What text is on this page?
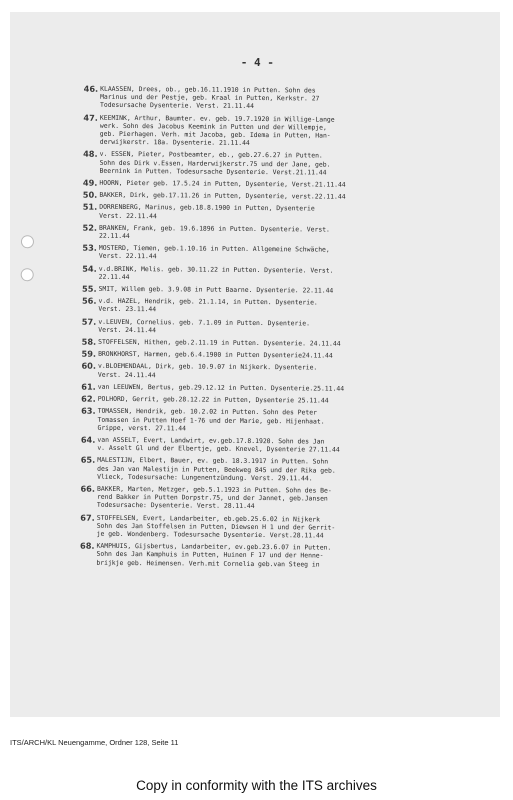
- 4 -
46. KLAASSEN, Drees, ob., geb.16.11.1910 in Putten. Sohn des
Marinus und der Pestje, geb. Kraal in Putten, Kerkstr. 27
Todesursache Dysenterie. Verst. 21.11.44
47. KEEMINK, Arthur, Baumter. ev. geb. 19.7.1920 in Willige-Lange
werk. Sohn des Jacobus Keemink in Putten und der Willempje,
geb. Pierhagen. Verh. mit Jacoba, geb. Idema in Putten, Han-
derwijkerstr. 18a. Dysenterie. 21.11.44
48. v. ESSEN, Pieter, Postbeamter, eb., geb.27.6.27 in Putten.
Sohn des Dirk v.Essen, Harderwijkerstr.75 und der Jane, geb.
Beernink in Putten. Todesursache Dysenterie. Verst.21.11.44
49. HOORN, Pieter geb. 17.5.24 in Putten, Dysenterie, Verst.21.11.44
50. BAKKER, Dirk, geb.17.11.26 in Putten, Dysenterie, verst.22.11.44
51. DORRENBERG, Marinus, geb.18.8.1900 in Putten, Dysenterie
Verst. 22.11.44
52. BRANKEN, Frank, geb. 19.6.1896 in Putten. Dysenterie. Verst.
22.11.44
53. MOSTERD, Tiemen, geb.1.10.16 in Putten. Allgemeine Schwäche,
Verst. 22.11.44
54. v.d.BRINK, Melis. geb. 30.11.22 in Putten. Dysenterie. Verst.
22.11.44
55. SMIT, Willem geb. 3.9.08 in Putt Baarne. Dysenterie. 22.11.44
56. v.d. HAZEL, Hendrik, geb. 21.1.14, in Putten. Dysenterie.
Verst. 23.11.44
57. v.LEUVEN, Cornelius. geb. 7.1.09 in Putten. Dysenterie.
Verst. 24.11.44
58. STOFFELSEN, Hithen, geb.2.11.19 in Putten. Dysenterie. 24.11.44
59. BRONKHORST, Harmen, geb.6.4.1900 in Putten Dysenterie24.11.44
60. v.BLOEMENDAAL, Dirk, geb. 10.9.07 in Nijkerk. Dysenterie.
Verst. 24.11.44
61. van LEEUWEN, Bertus, geb.29.12.12 in Putten. Dysenterie.25.11.44
62. POLHORD, Gerrit, geb.28.12.22 in Putten, Dysenterie 25.11.44
63. TOMASSEN, Hendrik, geb. 10.2.02 in Putten. Sohn des Peter
Tomassen in Putten Hoef 1-76 und der Marie, geb. Hijenhaat.
Grippe, verst. 27.11.44
64. van ASSELT, Evert, Landwirt, ev.geb.17.8.1920. Sohn des Jan
v. Asselt Gl und der Elbertje, geb. Knevel, Dysenterie 27.11.44
65. MALESTIJN, Elbert, Bauer, ev. geb. 18.3.1917 in Putten. Sohn
des Jan van Malestijn in Putten, Beekweg 845 und der Rika geb.
Vlieck, Todesursache: Lungenentzündung. Verst. 29.11.44.
66. BAKKER, Marten, Metzger, geb.5.1.1923 in Putten. Sohn des Be-
rend Bakker in Putten Dorpstr.75, und der Jannet, geb.Jansen
Todesursache: Dysenterie. Verst. 28.11.44
67. STOFFELSEN, Evert, Landarbeiter, eb.geb.25.6.02 in Nijkerk
Sohn des Jan Stoffelsen in Putten, Diewsen H 1 und der Gerrit-
je geb. Wondenberg. Todesursache Dysenterie. Verst.28.11.44
68. KAMPHUIS, Gijsbertus, Landarbeiter, ev.geb.23.6.07 in Putten.
Sohn des Jan Kamphuis in Putten, Huinen F 17 und der Henne-
brijkje geb. Heimensen. Verh.mit Cornelia geb.van Steeg in
ITS/ARCH/KL Neuengamme, Ordner 128, Seite 11
Copy in conformity with the ITS archives
